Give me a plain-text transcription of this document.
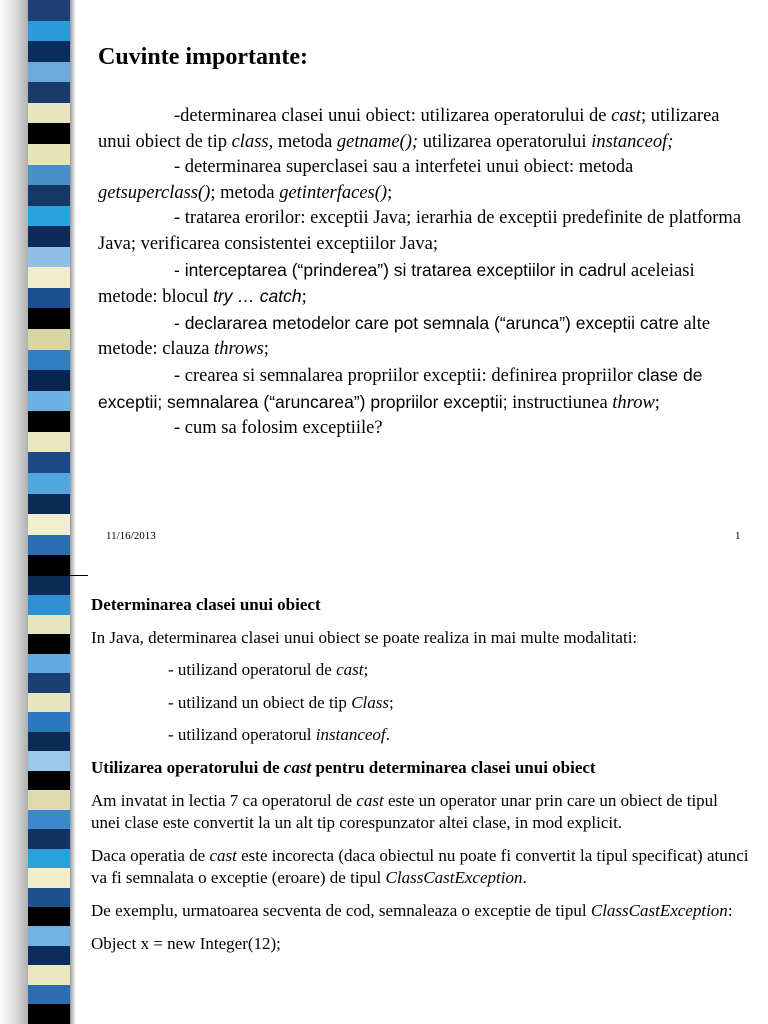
Cuvinte importante:

-determinarea clasei unui obiect: utilizarea operatorului de cast; utilizarea unui obiect de tip class, metoda getname(); utilizarea operatorului instanceof;

- determinarea superclasei sau a interfetei unui obiect: metoda getsuperclass(); metoda getinterfaces();

- tratarea erorilor: exceptii Java; ierarhia de exceptii predefinite de platforma Java; verificarea consistentei exceptiilor Java;

- interceptarea (“prinderea”) si tratarea exceptiilor in cadrul aceleiasi metode: blocul try … catch;

- declararea metodelor care pot semnala (“arunca”) exceptii catre alte metode: clauza throws;

- crearea si semnalarea propriilor exceptii: definirea propriilor clase de exceptii; semnalarea (“aruncarea”) propriilor exceptii; instructiunea throw;

- cum sa folosim exceptiile?

11/16/2013	1

Determinarea clasei unui obiect

In Java, determinarea clasei unui obiect se poate realiza in mai multe modalitati:

- utilizand operatorul de cast;

- utilizand un obiect de tip Class;

- utilizand operatorul instanceof.

Utilizarea operatorului de cast pentru determinarea clasei unui obiect

Am invatat in lectia 7 ca operatorul de cast este un operator unar prin care un obiect de tipul unei clase este convertit la un alt tip corespunzator altei clase, in mod explicit.

Daca operatia de cast este incorecta (daca obiectul nu poate fi convertit la tipul specificat) atunci va fi semnalata o exceptie (eroare) de tipul ClassCastException.

De exemplu, urmatoarea secventa de cod, semnaleaza o exceptie de tipul ClassCastException:

Object x = new Integer(12);
